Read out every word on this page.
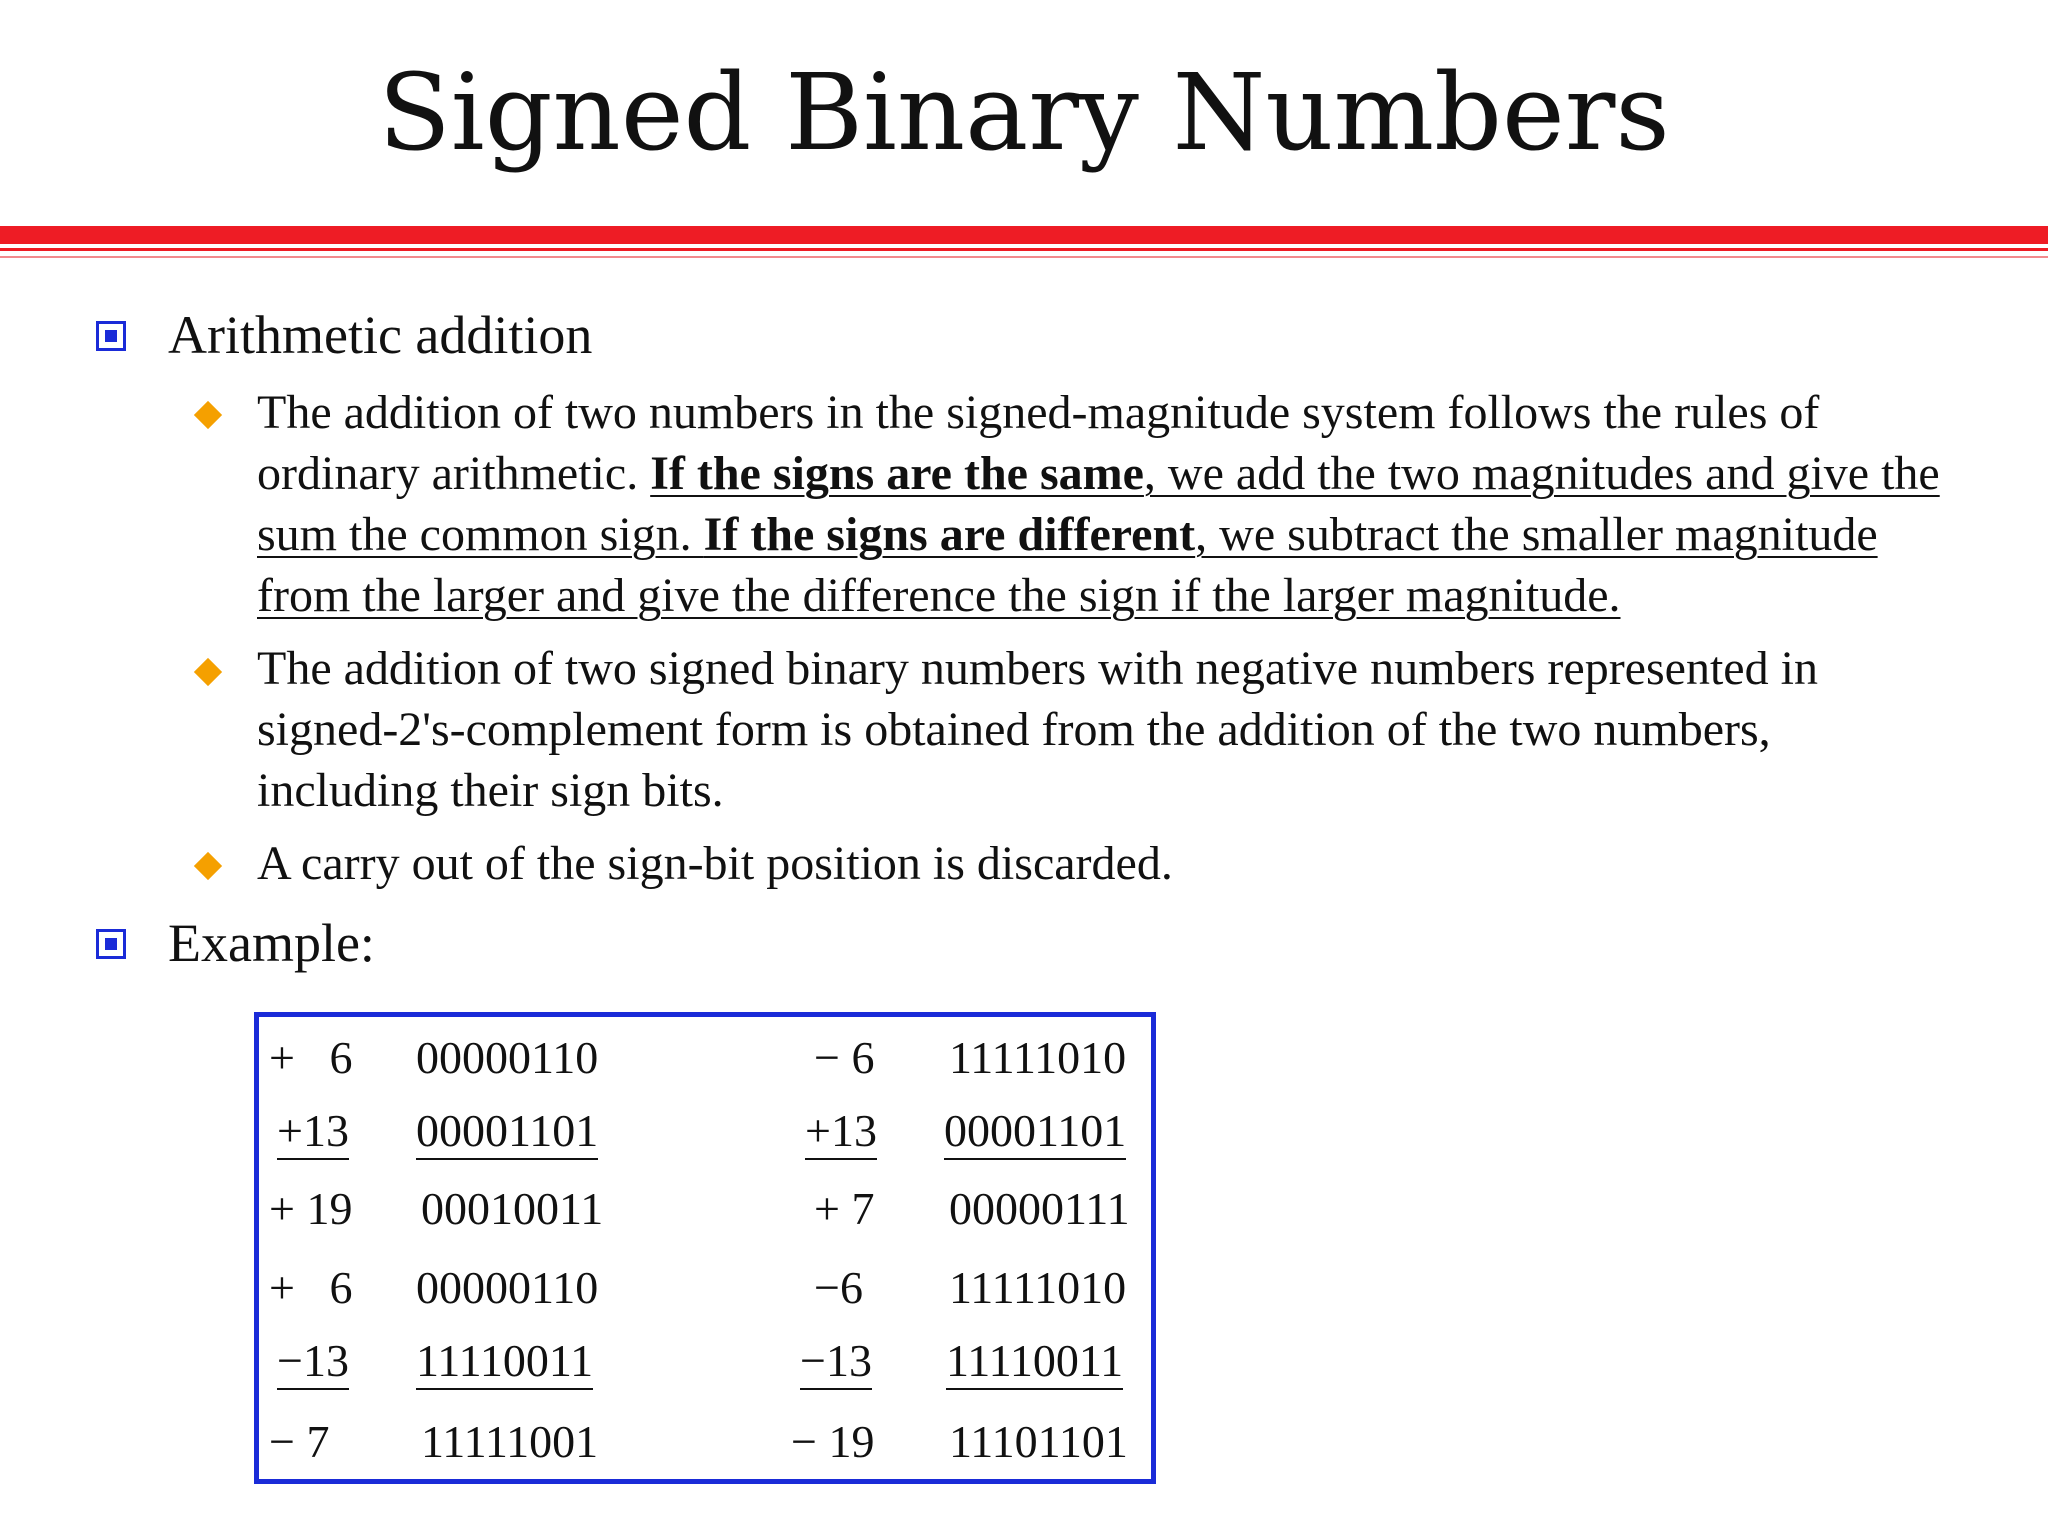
Signed Binary Numbers
Arithmetic addition
The addition of two numbers in the signed-magnitude system follows the rules of ordinary arithmetic. If the signs are the same, we add the two magnitudes and give the sum the common sign. If the signs are different, we subtract the smaller magnitude from the larger and give the difference the sign if the larger magnitude.
The addition of two signed binary numbers with negative numbers represented in signed-2's-complement form is obtained from the addition of the two numbers, including their sign bits.
A carry out of the sign-bit position is discarded.
Example:
+   6 00000110
+13 00001101
+ 19 00010011
+   6 00000110
−13 11110011
− 7 11111001
− 6 11111010
+13 00001101
+ 7 00000111
−6 11111010
−13 11110011
− 19 11101101
